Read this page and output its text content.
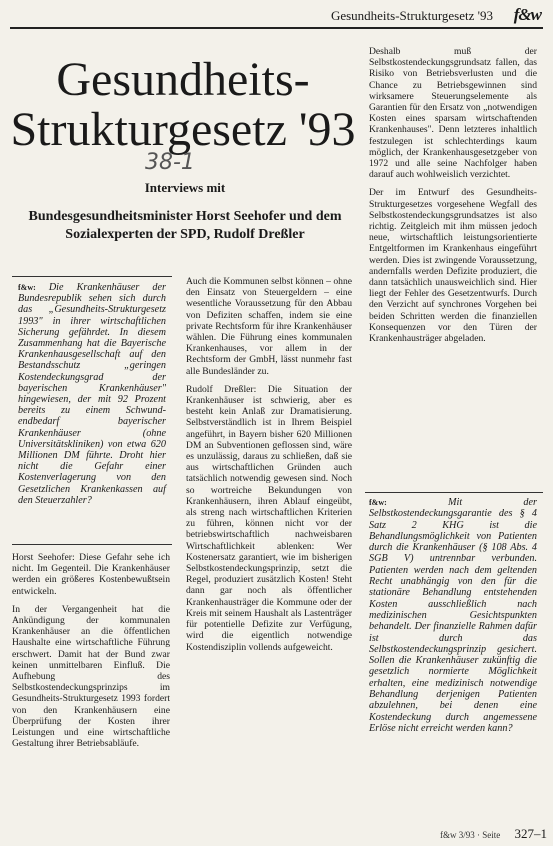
Gesundheits-Strukturgesetz '93 f&w
Gesundheits-Strukturgesetz '93
38-1
Interviews mit
Bundesgesundheitsminister Horst Seehofer und dem Sozialexperten der SPD, Rudolf Dreßler
f&w: Die Krankenhäuser der Bundesrepublik sehen sich durch das „Gesundheits-Strukturgesetz 1993" in ihrer wirtschaftlichen Sicherung gefährdet. In diesem Zusammenhang hat die Bayerische Krankenhausgesellschaft auf den Bestandsschutz „geringen Kostendeckungsgrad der bayerischen Krankenhäuser" hingewiesen, der mit 92 Prozent bereits zu einem Schwund-endbedarf bayerischer Krankenhäuser (ohne Universitätskliniken) von etwa 620 Millionen DM führte. Droht hier nicht die Gefahr einer Kostenverlagerung von den Gesetzlichen Krankenkassen auf den Steuerzahler?

Horst Seehofer: Diese Gefahr sehe ich nicht. Im Gegenteil. Die Krankenhäuser werden ein größeres Kostenbewußtsein entwickeln.

In der Vergangenheit hat die Ankündigung der kommunalen Krankenhäuser an die öffentlichen Haushalte eine wirtschaftliche Führung erschwert. Damit hat der Bund zwar keinen unmittelbaren Einfluß. Die Aufhebung des Selbstkostendeckungsprinzips im Gesundheits-Strukturgesetz 1993 fordert von den Krankenhäusern eine Überprüfung der Kosten ihrer Leistungen und eine wirtschaftliche Gestaltung ihrer Betriebsabläufe.

Auch die Kommunen selbst können – ohne den Einsatz von Steuergeldern – eine wesentliche Voraussetzung für den Abbau von Defiziten schaffen, indem sie eine private Rechtsform für ihre Krankenhäuser wählen. Die Führung eines kommunalen Krankenhauses, vor allem in der Rechtsform der GmbH, lässt nunmehr fast alle Bundesländer zu.

Rudolf Dreßler: Die Situation der Krankenhäuser ist schwierig, aber es besteht kein Anlaß zur Dramatisierung. Selbstverständlich ist in Ihrem Beispiel angeführt, in Bayern bisher 620 Millionen DM an Subventionen geflossen sind, wäre es unzulässig, daraus zu schließen, daß sie aus wirtschaftlichen Gründen auch tatsächlich notwendig gewesen sind. Noch so wortreiche Bekundungen von Krankenhäusern, ihren Ablauf eingeübt, als streng nach wirtschaftlichen Kriterien zu führen, können nicht vor der betriebswirtschaftlich nachweisbaren Wirtschaftlichkeit ablenken: Wer Kostenersatz garantiert, wie im bisherigen Selbstkostendeckungsprinzip, setzt die Regel, produziert zusätzlich Kosten! Steht dann gar noch als öffentlicher Krankenhausträger die Kommune oder der Kreis mit seinem Haushalt als Lastenträger für potentielle Defizite zur Verfügung, wird die eigentlich notwendige Kostendisziplin vollends aufgeweicht.

Deshalb muß der Selbstkostendeckungsgrundsatz fallen, das Risiko von Betriebsverlusten und die Chance zu Betriebsgewinnen sind wirksamere Steuerungselemente als Garantien für den Ersatz von „notwendigen Kosten eines sparsam wirtschaftenden Krankenhauses". Denn letzteres inhaltlich festzulegen ist schlechterdings kaum möglich, der Krankenhausgesetzgeber von 1972 und alle seine Nachfolger haben darauf auch wohlweislich verzichtet.

Der im Entwurf des Gesundheits-Strukturgesetzes vorgesehene Wegfall des Selbstkostendeckungsgrundsatzes ist also richtig. Zeitgleich mit ihm müssen jedoch neue, wirtschaftlich leistungsorientierte Entgeltformen im Krankenhaus eingeführt werden. Dies ist zwingende Voraussetzung, andernfalls werden Defizite produziert, die dann tatsächlich unausweichlich sind. Hier liegt der Fehler des Gesetzentwurfs. Durch den Verzicht auf synchrones Vorgehen bei beiden Schritten werden die finanziellen Konsequenzen vor den Türen der Krankenhausträger abgeladen.

f&w:	Mit der Selbstkostendeckungsgarantie des § 4 Satz 2 KHG ist die Behandlungsmöglichkeit von Patienten durch die Krankenhäuser (§ 108 Abs. 4 SGB V) untrennbar verbunden. Patienten werden nach dem geltenden Recht unabhängig von den für die stationäre Behandlung entstehenden Kosten ausschließlich nach medizinischen Gesichtspunkten behandelt. Der finanzielle Rahmen dafür ist durch das Selbstkostendeckungsprinzip gesichert. Sollen die Krankenhäuser zukünftig die gesetzlich normierte Möglichkeit erhalten, eine medizinisch notwendige Behandlung derjenigen Patienten abzulehnen, bei denen eine Kostendeckung durch angemessene Erlöse nicht erreicht werden kann?
f&w 3/93 · Seite 327–1
